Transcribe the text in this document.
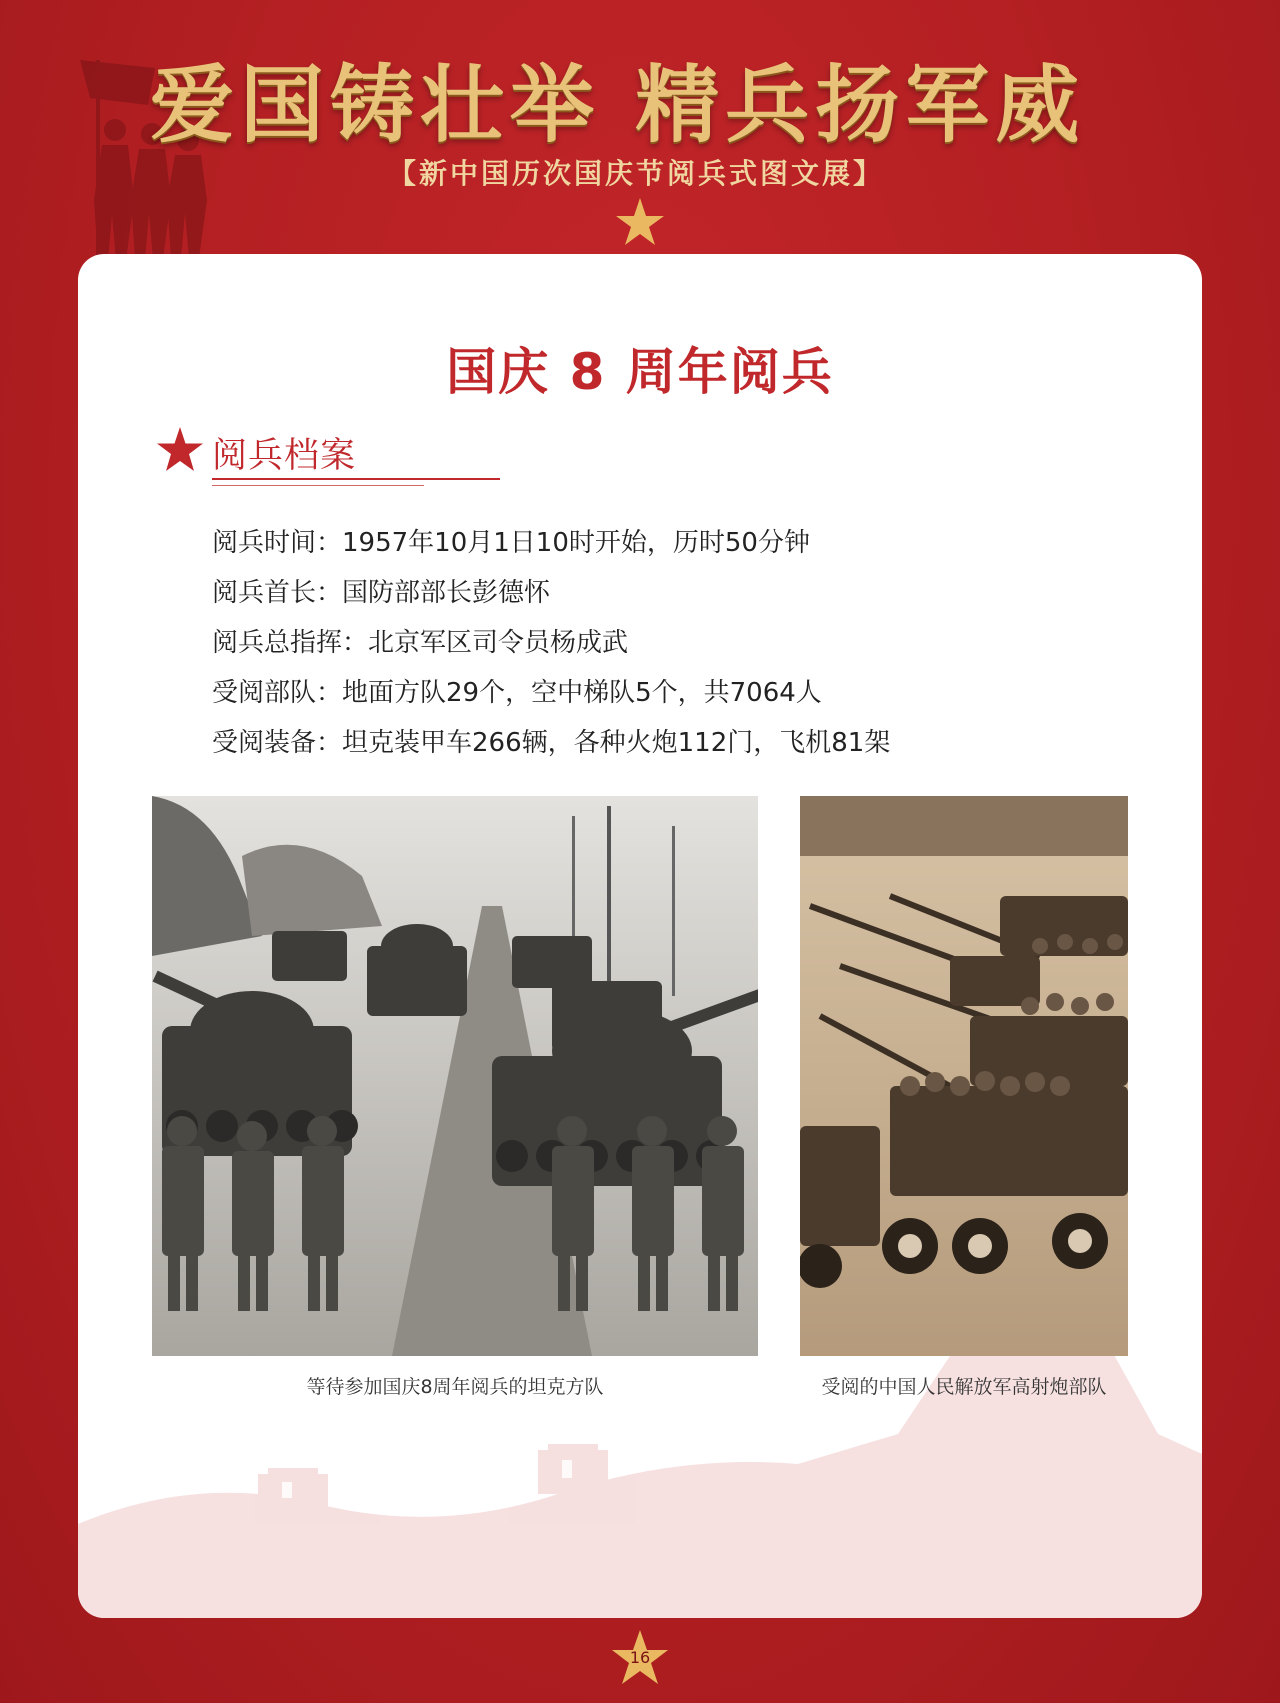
爱国铸壮举 精兵扬军威
【新中国历次国庆节阅兵式图文展】
国庆 8 周年阅兵
阅兵档案
阅兵时间：1957年10月1日10时开始，历时50分钟
阅兵首长：国防部部长彭德怀
阅兵总指挥：北京军区司令员杨成武
受阅部队：地面方队29个，空中梯队5个，共7064人
受阅装备：坦克装甲车266辆，各种火炮112门，飞机81架
等待参加国庆8周年阅兵的坦克方队	受阅的中国人民解放军高射炮部队
16
